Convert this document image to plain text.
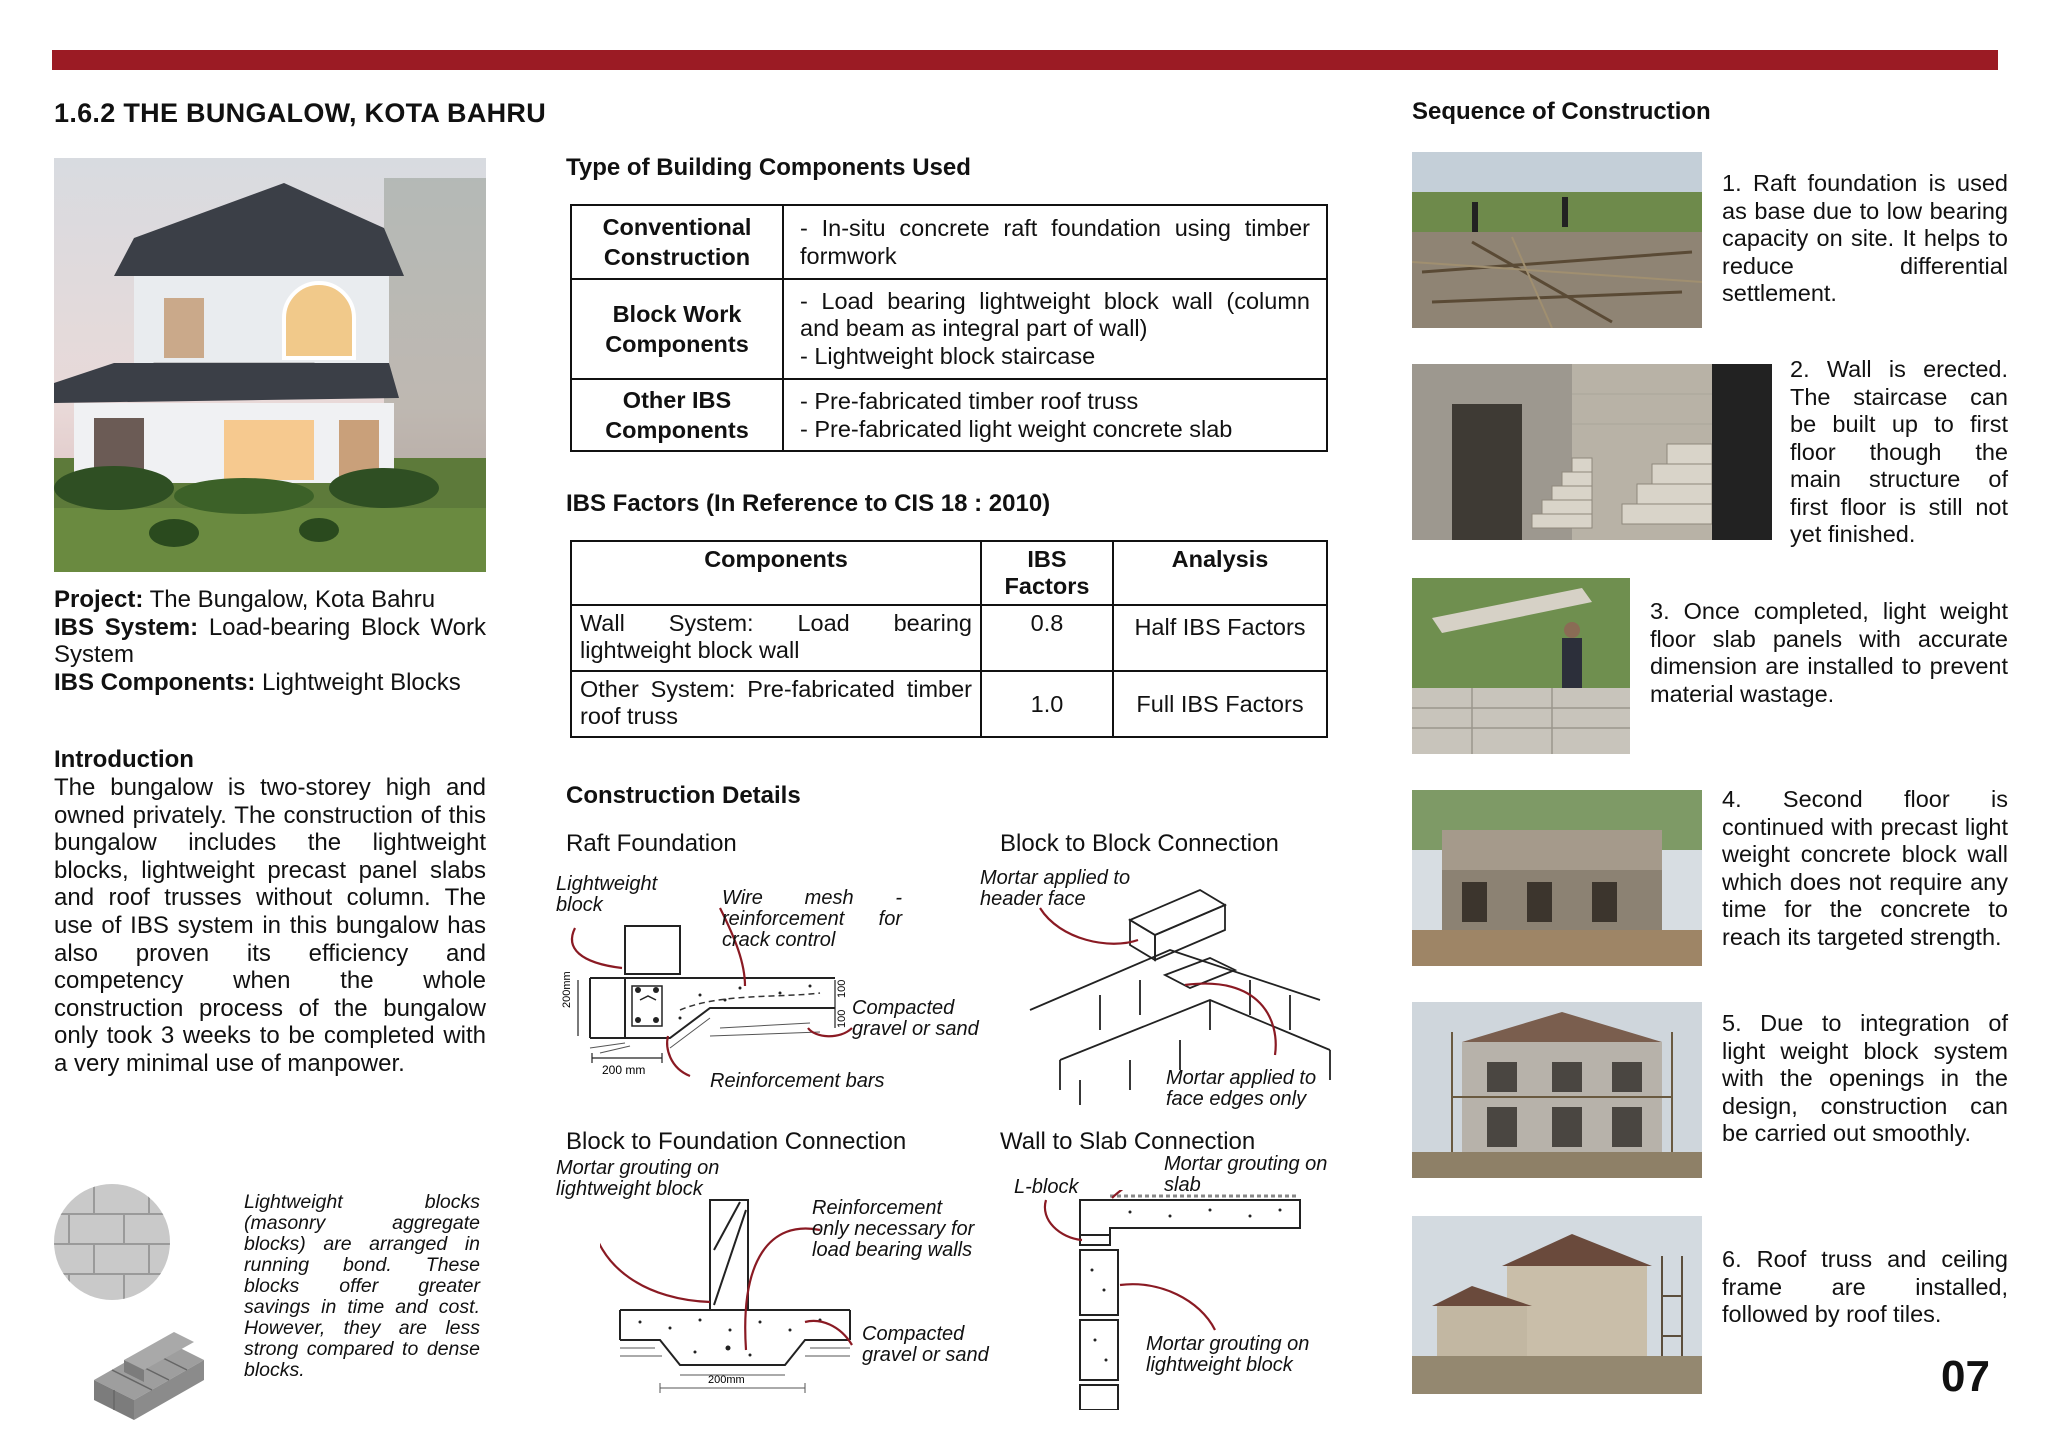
1.6.2 THE BUNGALOW, KOTA BAHRU
Project: The Bungalow, Kota Bahru
IBS System: Load-bearing Block Work System
IBS Components: Lightweight Blocks
Introduction
The bungalow is two-storey high and owned privately. The construction of this bungalow includes the lightweight blocks, lightweight precast panel slabs and roof trusses without column. The use of IBS system in this bungalow has also proven its efficiency and competency when the whole construction process of the bungalow only took 3 weeks to be completed with a very minimal use of manpower.
Lightweight blocks (masonry aggregate blocks) are arranged in running bond. These blocks offer greater savings in time and cost. However, they are less strong compared to dense blocks.
Type of Building Components Used
Conventional Construction	- In-situ concrete raft foundation using timber formwork
Block Work Components	- Load bearing lightweight block wall (column and beam as integral part of wall)
- Lightweight block staircase
Other IBS Components	- Pre-fabricated timber roof truss
- Pre-fabricated light weight concrete slab
IBS Factors (In Reference to CIS 18 : 2010)
Components	IBS Factors	Analysis
Wall System: Load bearing lightweight block wall	0.8	Half IBS Factors
Other System: Pre-fabricated timber roof truss	1.0	Full IBS Factors
Construction Details
Raft Foundation
200 mm
200mm	100
100
Lightweight block	Wire mesh - reinforcement for crack control
Compacted gravel or sand
Reinforcement bars
Block to Block Connection
Mortar applied to header face
Mortar applied to face edges only
Block to Foundation Connection
200mm
Mortar grouting on lightweight block
Reinforcement only necessary for load bearing walls
Compacted gravel or sand
Wall to Slab Connection
L-block
Mortar grouting on slab
Mortar grouting on lightweight block
Sequence of Construction
1. Raft foundation is used as base due to low bearing capacity on site. It helps to reduce differential settlement.
2. Wall is erected. The staircase can be built up to first floor though the main structure of first floor is still not yet finished.
3. Once completed, light weight floor slab panels with accurate dimension are installed to prevent material wastage.
4. Second floor is continued with precast light weight concrete block wall which does not require any time for the concrete to reach its targeted strength.
5. Due to integration of light weight block system with the openings in the design, construction can be carried out smoothly.
6. Roof truss and ceiling frame are installed, followed by roof tiles.
07
